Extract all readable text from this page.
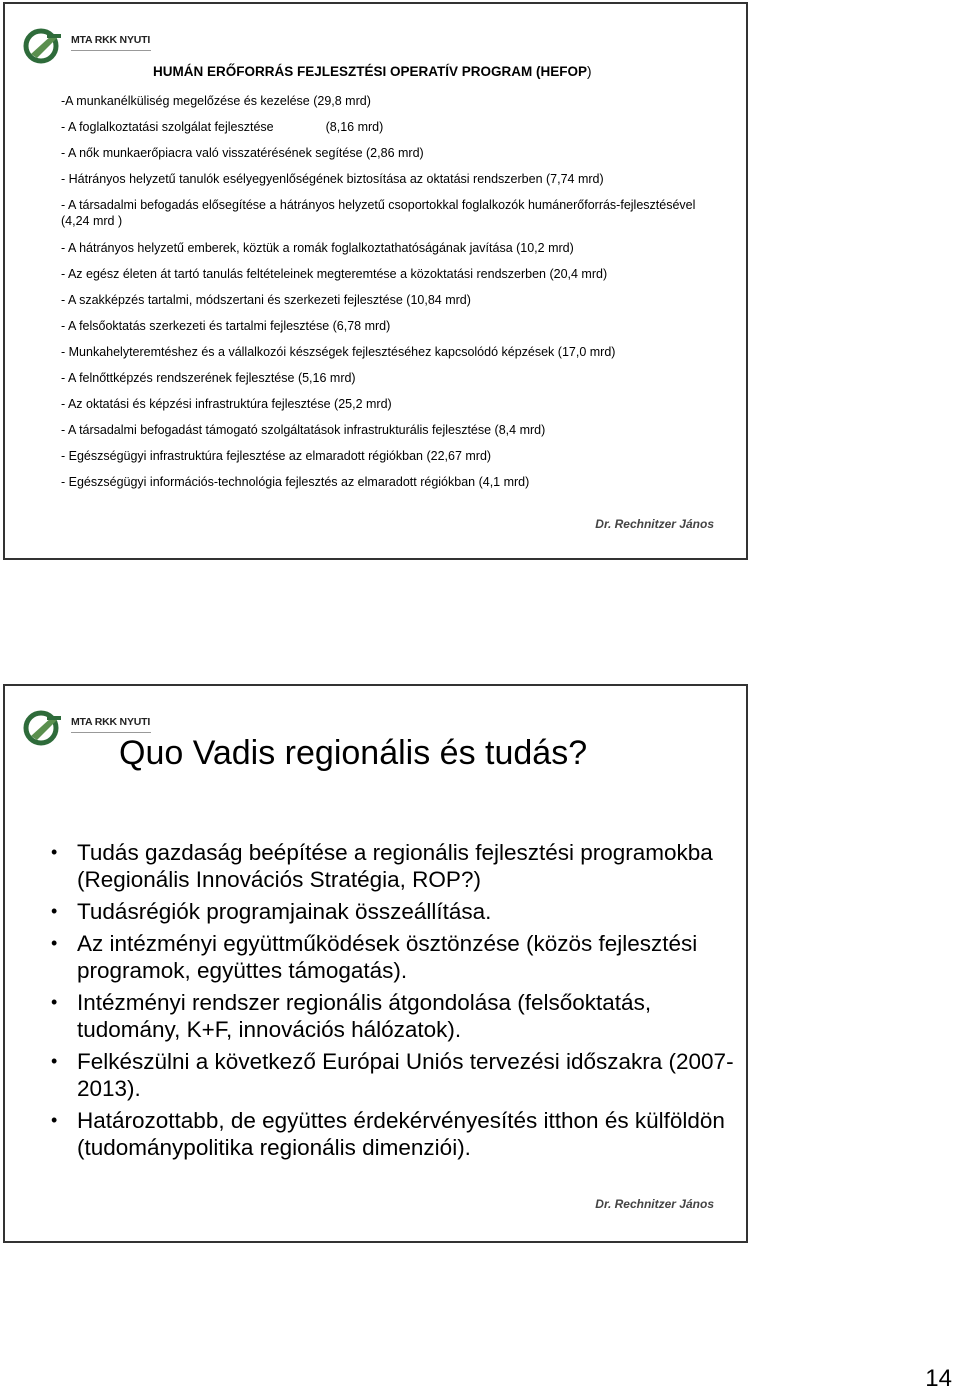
MTA RKK NYUTI
HUMÁN ERŐFORRÁS FEJLESZTÉSI OPERATÍV PROGRAM (HEFOP)
-A munkanélküliség megelőzése és kezelése (29,8 mrd)
- A foglalkoztatási szolgálat fejlesztése	(8,16 mrd)
- A nők munkaerőpiacra való visszatérésének segítése (2,86 mrd)
- Hátrányos helyzetű tanulók esélyegyenlőségének biztosítása az oktatási rendszerben (7,74 mrd)
- A társadalmi befogadás elősegítése a hátrányos helyzetű csoportokkal foglalkozók humánerőforrás-fejlesztésével (4,24 mrd )
- A hátrányos helyzetű emberek, köztük a romák foglalkoztathatóságának javítása (10,2 mrd)
- Az egész életen át tartó tanulás feltételeinek megteremtése a közoktatási rendszerben (20,4 mrd)
- A szakképzés tartalmi, módszertani és szerkezeti fejlesztése (10,84 mrd)
- A felsőoktatás szerkezeti és tartalmi fejlesztése (6,78 mrd)
- Munkahelyteremtéshez és a vállalkozói készségek fejlesztéséhez kapcsolódó képzések (17,0 mrd)
- A felnőttképzés rendszerének fejlesztése (5,16 mrd)
- Az oktatási és képzési infrastruktúra fejlesztése (25,2 mrd)
- A társadalmi befogadást támogató szolgáltatások infrastrukturális fejlesztése (8,4 mrd)
- Egészségügyi infrastruktúra fejlesztése az elmaradott régiókban (22,67 mrd)
- Egészségügyi információs-technológia fejlesztés az elmaradott régiókban (4,1 mrd)
Dr. Rechnitzer János
MTA RKK NYUTI
Quo Vadis regionális és tudás?
• Tudás gazdaság beépítése a regionális fejlesztési programokba (Regionális Innovációs Stratégia, ROP?)
• Tudásrégiók programjainak összeállítása.
• Az intézményi együttműködések ösztönzése (közös fejlesztési programok, együttes támogatás).
• Intézményi rendszer regionális átgondolása (felsőoktatás, tudomány, K+F, innovációs hálózatok).
• Felkészülni a következő Európai Uniós tervezési időszakra (2007-2013).
• Határozottabb, de együttes érdekérvényesítés itthon és külföldön (tudománypolitika regionális dimenziói).
Dr. Rechnitzer János
14
